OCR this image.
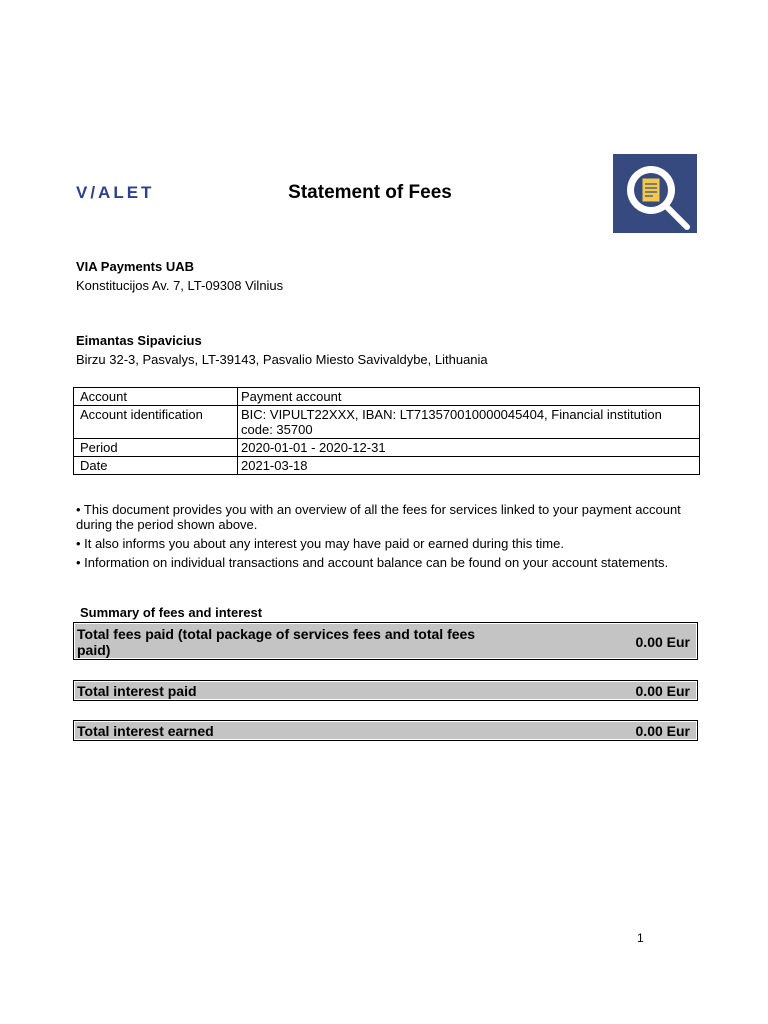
V/ALET	Statement of Fees
VIA Payments UAB
Konstitucijos Av. 7, LT-09308 Vilnius
Eimantas Sipavicius
Birzu 32-3, Pasvalys, LT-39143, Pasvalio Miesto Savivaldybe, Lithuania
Account	Payment account
Account identification	BIC: VIPULT22XXX, IBAN: LT713570010000045404, Financial institution code: 35700
Period	2020-01-01 - 2020-12-31
Date	2021-03-18

• This document provides you with an overview of all the fees for services linked to your payment account during the period shown above.

• It also informs you about any interest you may have paid or earned during this time.

• Information on individual transactions and account balance can be found on your account statements.

Summary of fees and interest
Total fees paid (total package of services fees and total fees paid)	0.00 Eur
Total interest paid	0.00 Eur
Total interest earned	0.00 Eur
1
